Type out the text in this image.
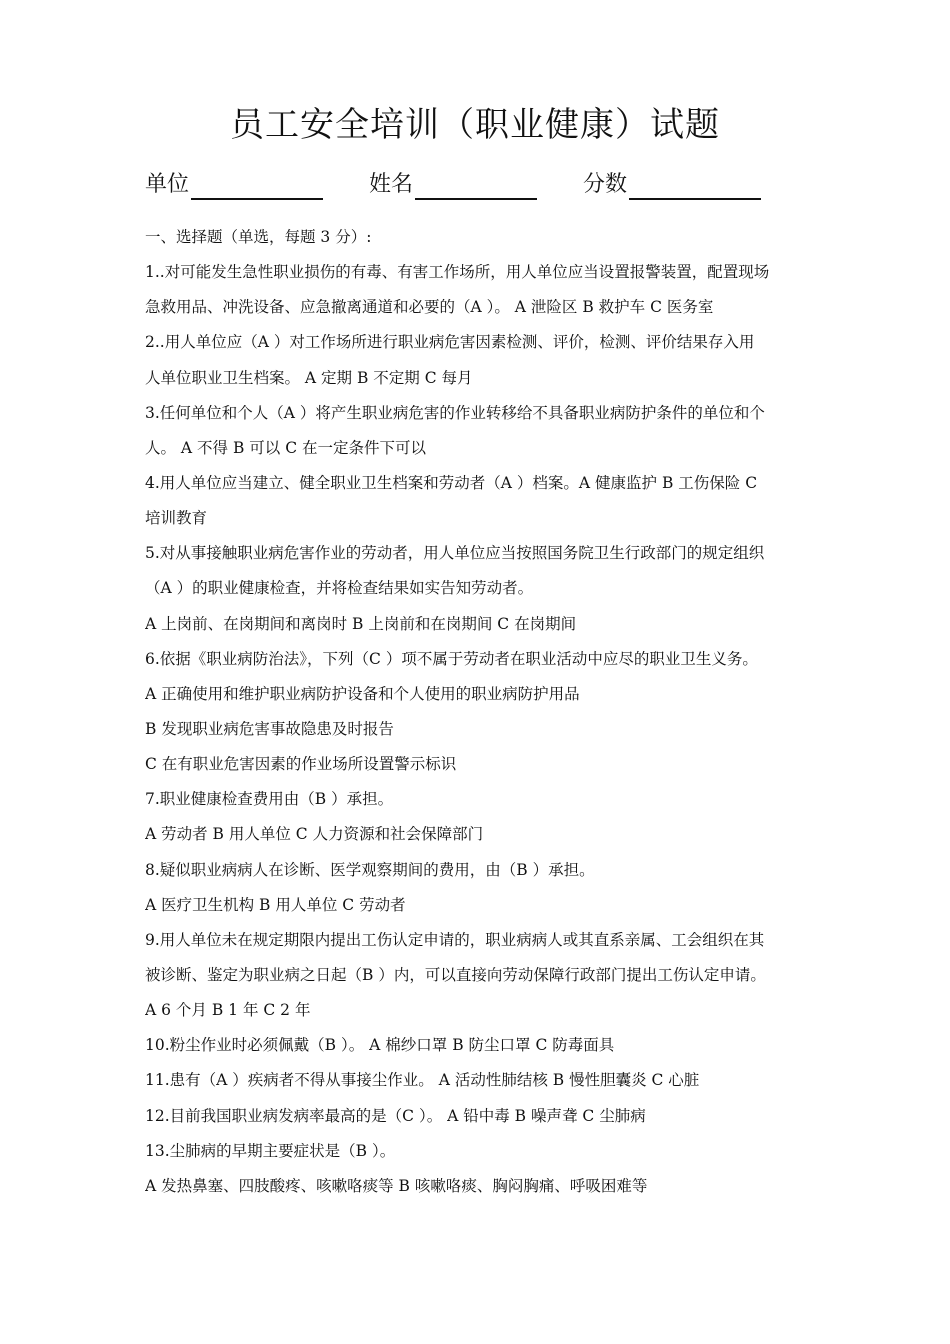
员工安全培训（职业健康）试题
单位	姓名	分数
一、选择题（单选，每题 3 分）:
1..对可能发生急性职业损伤的有毒、有害工作场所，用人单位应当设置报警装置，配置现场
急救用品、冲洗设备、应急撤离通道和必要的（A ）。 A 泄险区 B 救护车 C 医务室
2..用人单位应（A ）对工作场所进行职业病危害因素检测、评价，检测、评价结果存入用
人单位职业卫生档案。 A 定期 B 不定期 C 每月
3.任何单位和个人（A ）将产生职业病危害的作业转移给不具备职业病防护条件的单位和个
人。 A 不得 B 可以 C 在一定条件下可以
4.用人单位应当建立、健全职业卫生档案和劳动者（A ）档案。A 健康监护 B 工伤保险 C
培训教育
5.对从事接触职业病危害作业的劳动者，用人单位应当按照国务院卫生行政部门的规定组织
（A ）的职业健康检查，并将检查结果如实告知劳动者。
A 上岗前、在岗期间和离岗时 B 上岗前和在岗期间 C 在岗期间
6.依据《职业病防治法》，下列（C ）项不属于劳动者在职业活动中应尽的职业卫生义务。
A 正确使用和维护职业病防护设备和个人使用的职业病防护用品
B 发现职业病危害事故隐患及时报告
C 在有职业危害因素的作业场所设置警示标识
7.职业健康检查费用由（B ）承担。
A 劳动者 B 用人单位 C 人力资源和社会保障部门
8.疑似职业病病人在诊断、医学观察期间的费用，由（B ）承担。
A 医疗卫生机构 B 用人单位 C 劳动者
9.用人单位未在规定期限内提出工伤认定申请的，职业病病人或其直系亲属、工会组织在其
被诊断、鉴定为职业病之日起（B ）内，可以直接向劳动保障行政部门提出工伤认定申请。
A 6 个月 B 1 年 C 2 年
10.粉尘作业时必须佩戴（B ）。 A 棉纱口罩 B 防尘口罩 C 防毒面具
11.患有（A ）疾病者不得从事接尘作业。 A 活动性肺结核 B 慢性胆囊炎 C 心脏
12.目前我国职业病发病率最高的是（C ）。 A 铅中毒 B 噪声聋 C 尘肺病
13.尘肺病的早期主要症状是（B ）。
A 发热鼻塞、四肢酸疼、咳嗽咯痰等 B 咳嗽咯痰、胸闷胸痛、呼吸困难等
